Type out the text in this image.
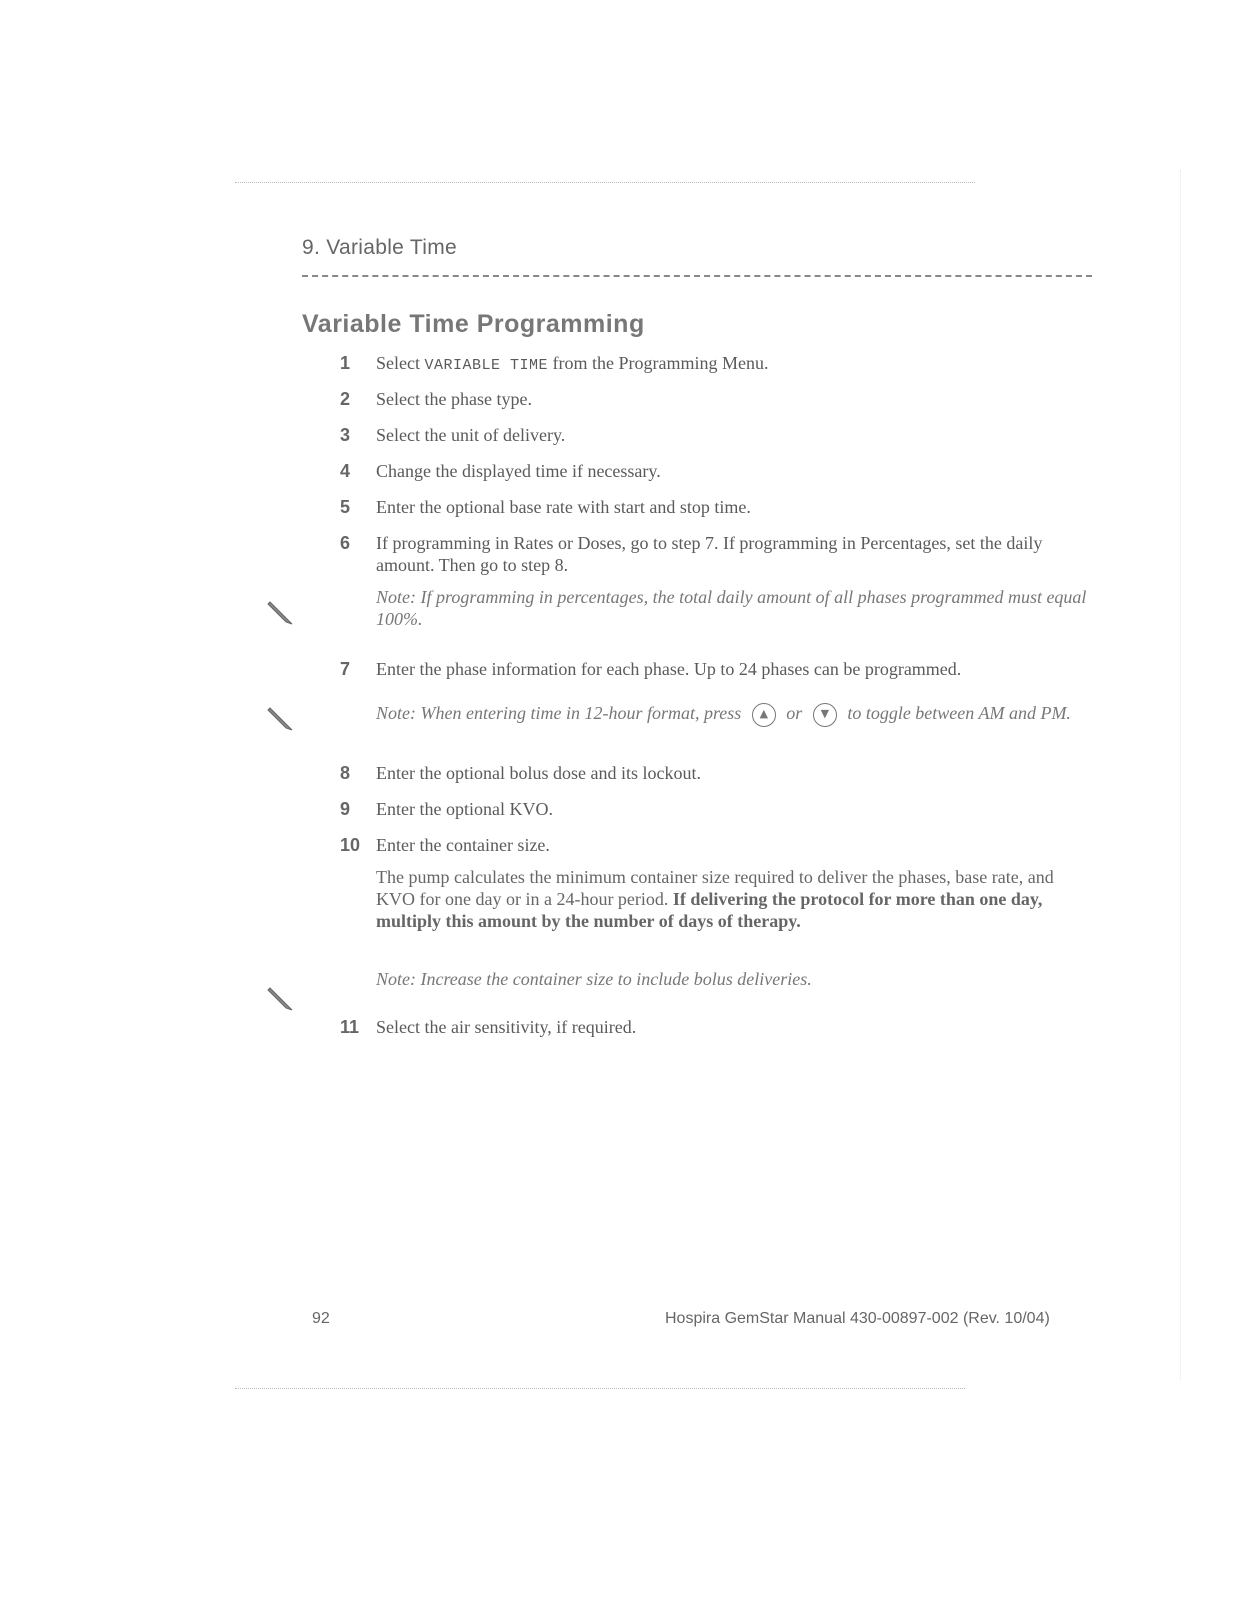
9. Variable Time
Variable Time Programming
1	Select VARIABLE TIME from the Programming Menu.
2	Select the phase type.
3	Select the unit of delivery.
4	Change the displayed time if necessary.
5	Enter the optional base rate with start and stop time.
6	If programming in Rates or Doses, go to step 7. If programming in Percentages, set the daily amount. Then go to step 8.
Note: If programming in percentages, the total daily amount of all phases programmed must equal 100%.
7	Enter the phase information for each phase. Up to 24 phases can be programmed.
Note: When entering time in 12-hour format, press ▲ or ▼ to toggle between AM and PM.
8	Enter the optional bolus dose and its lockout.
9	Enter the optional KVO.
10 Enter the container size.
The pump calculates the minimum container size required to deliver the phases, base rate, and KVO for one day or in a 24-hour period. If delivering the protocol for more than one day, multiply this amount by the number of days of therapy.
Note: Increase the container size to include bolus deliveries.
11 Select the air sensitivity, if required.
92	Hospira GemStar Manual 430-00897-002 (Rev. 10/04)
